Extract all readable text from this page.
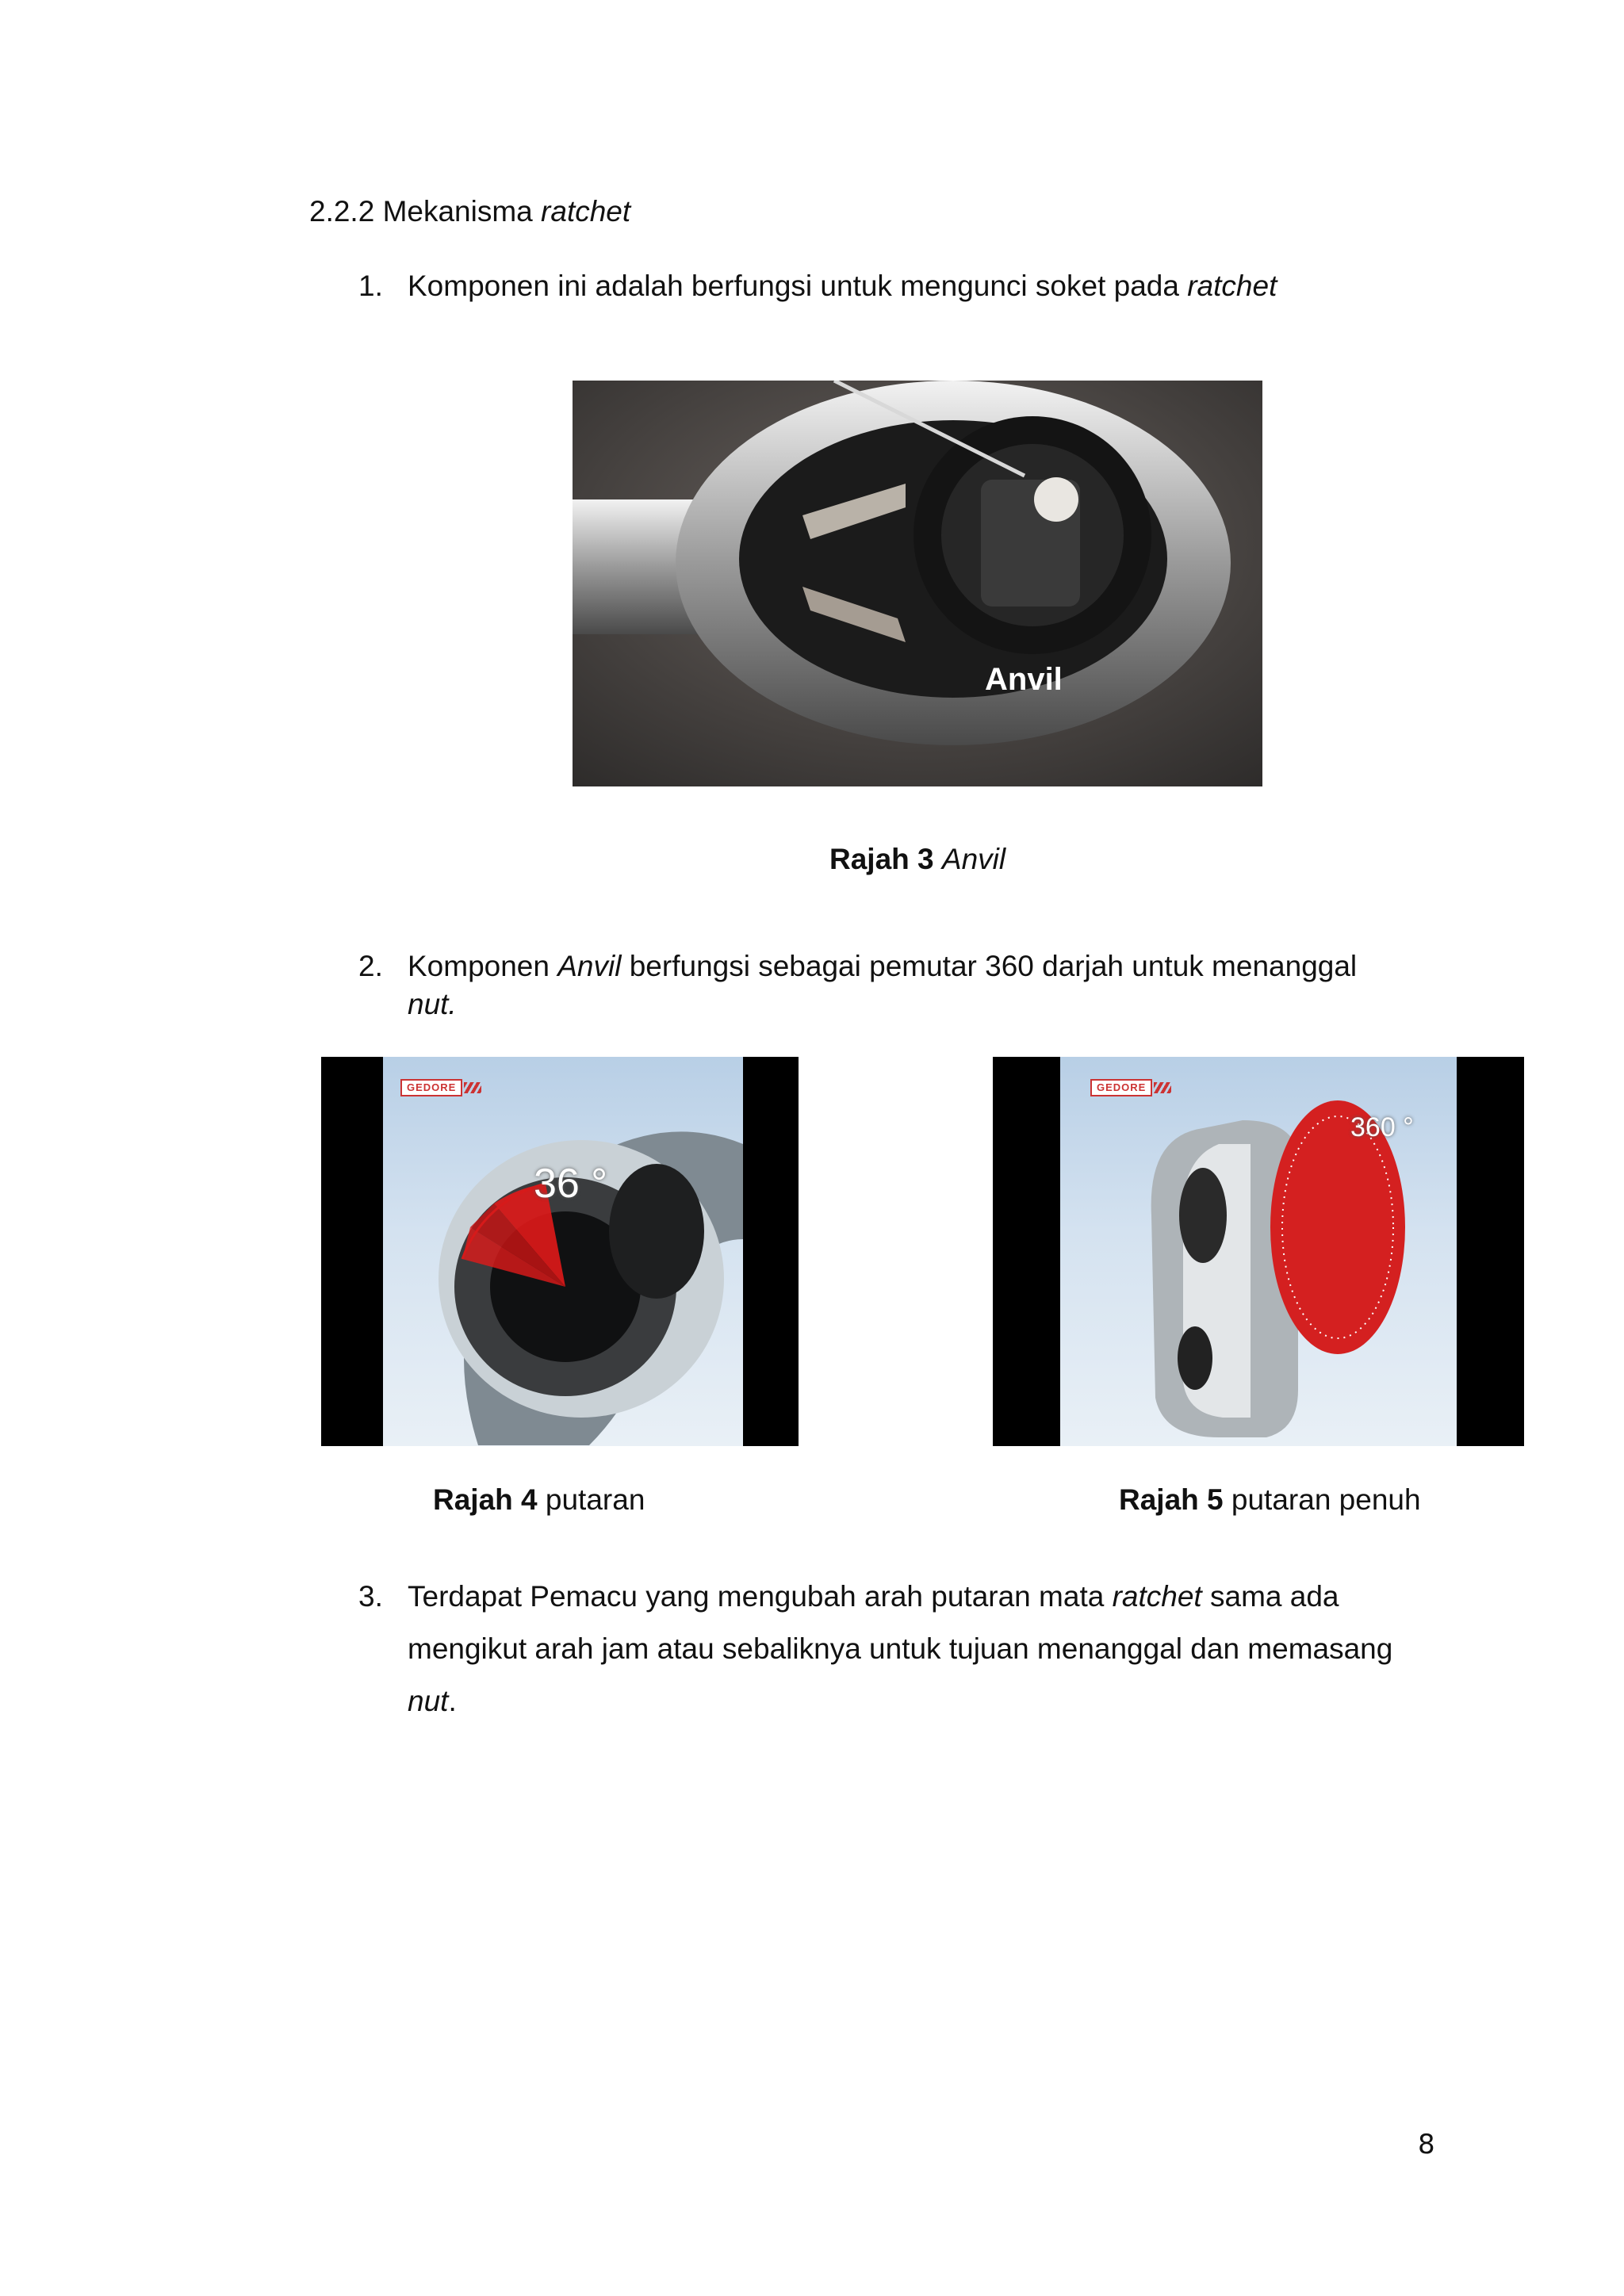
2.2.2 Mekanisma ratchet
1. Komponen ini adalah berfungsi untuk mengunci soket pada ratchet
Anvil
Rajah 3 Anvil
2. Komponen Anvil berfungsi sebagai pemutar 360 darjah untuk menanggal
nut.
GEDORE
36 °
GEDORE
360 °
Rajah 4 putaran	Rajah 5 putaran penuh
3. Terdapat Pemacu yang mengubah arah putaran mata ratchet sama ada
mengikut arah jam atau sebaliknya untuk tujuan menanggal dan memasang
nut.
8
